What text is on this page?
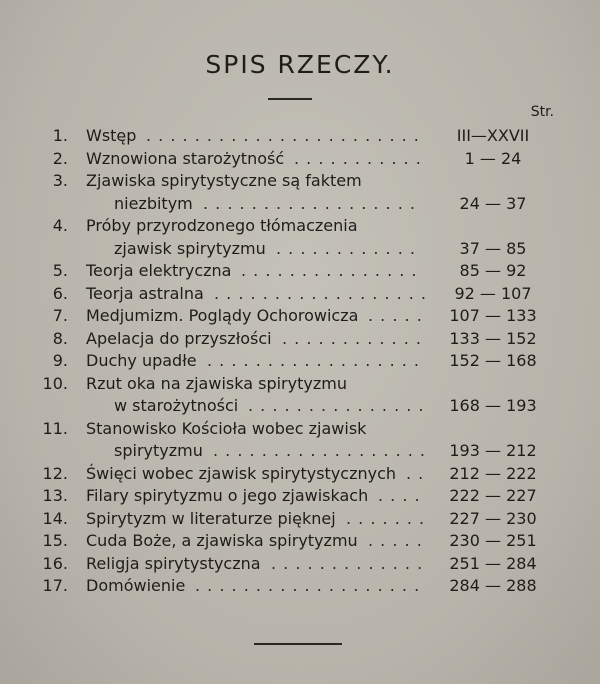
SPIS RZECZY.
Str.
1. Wstęp	III—XXVII
. . . . . . . . . . . . . . . . . . . . . . .
2. Wznowiona starożytność	1 — 24
. . . . . . . . . . .
3. Zjawiska spirytystyczne są faktem
niezbitym	24 — 37
. . . . . . . . . . . . . . . . . .
4. Próby przyrodzonego tłómaczenia
zjawisk spirytyzmu	37 — 85
. . . . . . . . . . . .
5. Teorja elektryczna	85 — 92
. . . . . . . . . . . . . . .
6. Teorja astralna	92 — 107
. . . . . . . . . . . . . . . . . .
7. Medjumizm. Poglądy Ochorowicza	107 — 133
. . . . .
8. Apelacja do przyszłości	133 — 152
. . . . . . . . . . . .
9. Duchy upadłe	152 — 168
. . . . . . . . . . . . . . . . . .
10. Rzut oka na zjawiska spirytyzmu
w starożytności	168 — 193
. . . . . . . . . . . . . . .
11. Stanowisko Kościoła wobec zjawisk
spirytyzmu	193 — 212
. . . . . . . . . . . . . . . . . .
12. Święci wobec zjawisk spirytystycznych	212 — 222
. .
13. Filary spirytyzmu o jego zjawiskach	222 — 227
. . . .
14. Spirytyzm w literaturze pięknej	227 — 230
. . . . . . .
15. Cuda Boże, a zjawiska spirytyzmu	230 — 251
. . . . .
16. Religja spirytystyczna	251 — 284
. . . . . . . . . . . . .
17. Domówienie	284 — 288
. . . . . . . . . . . . . . . . . . .
